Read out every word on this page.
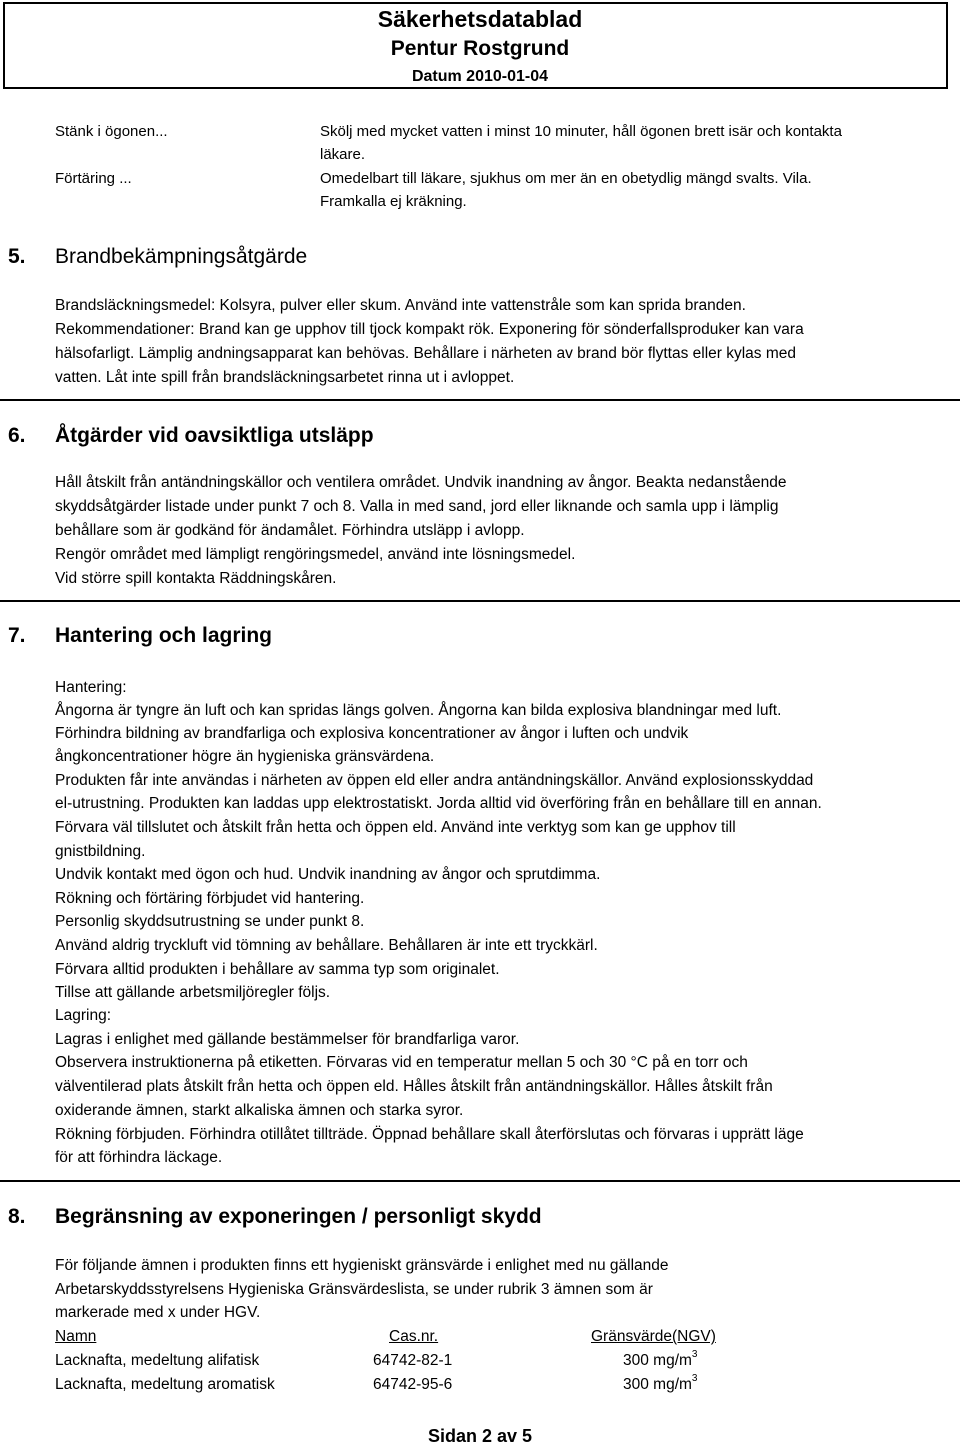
Säkerhetsdatablad
Pentur Rostgrund
Datum 2010-01-04
Stänk i ögonen...	Skölj med mycket vatten i minst 10 minuter, håll ögonen brett isär och kontakta
läkare.
Förtäring ...	Omedelbart till läkare, sjukhus om mer än en obetydlig mängd svalts. Vila.
Framkalla ej kräkning.
5. Brandbekämpningsåtgärde
Brandsläckningsmedel: Kolsyra, pulver eller skum. Använd inte vattenstråle som kan sprida branden.
Rekommendationer: Brand kan ge upphov till tjock kompakt rök. Exponering för sönderfallsproduker kan vara
hälsofarligt. Lämplig andningsapparat kan behövas. Behållare i närheten av brand bör flyttas eller kylas med
vatten. Låt inte spill från brandsläckningsarbetet rinna ut i avloppet.
6. Åtgärder vid oavsiktliga utsläpp
Håll åtskilt från antändningskällor och ventilera området. Undvik inandning av ångor. Beakta nedanstående
skyddsåtgärder listade under punkt 7 och 8. Valla in med sand, jord eller liknande och samla upp i lämplig
behållare som är godkänd för ändamålet. Förhindra utsläpp i avlopp.
Rengör området med lämpligt rengöringsmedel, använd inte lösningsmedel.
Vid större spill kontakta Räddningskåren.
7. Hantering och lagring
Hantering:
Ångorna är tyngre än luft och kan spridas längs golven. Ångorna kan bilda explosiva blandningar med luft.
Förhindra bildning av brandfarliga och explosiva koncentrationer av ångor i luften och undvik
ångkoncentrationer högre än hygieniska gränsvärdena.
Produkten får inte användas i närheten av öppen eld eller andra antändningskällor. Använd explosionsskyddad
el-utrustning. Produkten kan laddas upp elektrostatiskt. Jorda alltid vid överföring från en behållare till en annan.
Förvara väl tillslutet och åtskilt från hetta och öppen eld. Använd inte verktyg som kan ge upphov till
gnistbildning.
Undvik kontakt med ögon och hud. Undvik inandning av ångor och sprutdimma.
Rökning och förtäring förbjudet vid hantering.
Personlig skyddsutrustning se under punkt 8.
Använd aldrig tryckluft vid tömning av behållare. Behållaren är inte ett tryckkärl.
Förvara alltid produkten i behållare av samma typ som originalet.
Tillse att gällande arbetsmiljöregler följs.
Lagring:
Lagras i enlighet med gällande bestämmelser för brandfarliga varor.
Observera instruktionerna på etiketten. Förvaras vid en temperatur mellan 5 och 30 °C på en torr och
välventilerad plats åtskilt från hetta och öppen eld. Hålles åtskilt från antändningskällor. Hålles åtskilt från
oxiderande ämnen, starkt alkaliska ämnen och starka syror.
Rökning förbjuden. Förhindra otillåtet tillträde. Öppnad behållare skall återförslutas och förvaras i upprätt läge
för att förhindra läckage.
8. Begränsning av exponeringen / personligt skydd
För följande ämnen i produkten finns ett hygieniskt gränsvärde i enlighet med nu gällande
Arbetarskyddsstyrelsens Hygieniska Gränsvärdeslista, se under rubrik 3 ämnen som är
markerade med x under HGV.
Namn	Cas.nr.	Gränsvärde(NGV)
Lacknafta, medeltung alifatisk	64742-82-1	300 $mg/m^3$
Lacknafta, medeltung aromatisk	64742-95-6	300 $mg/m^3$
Sidan 2 av 5
